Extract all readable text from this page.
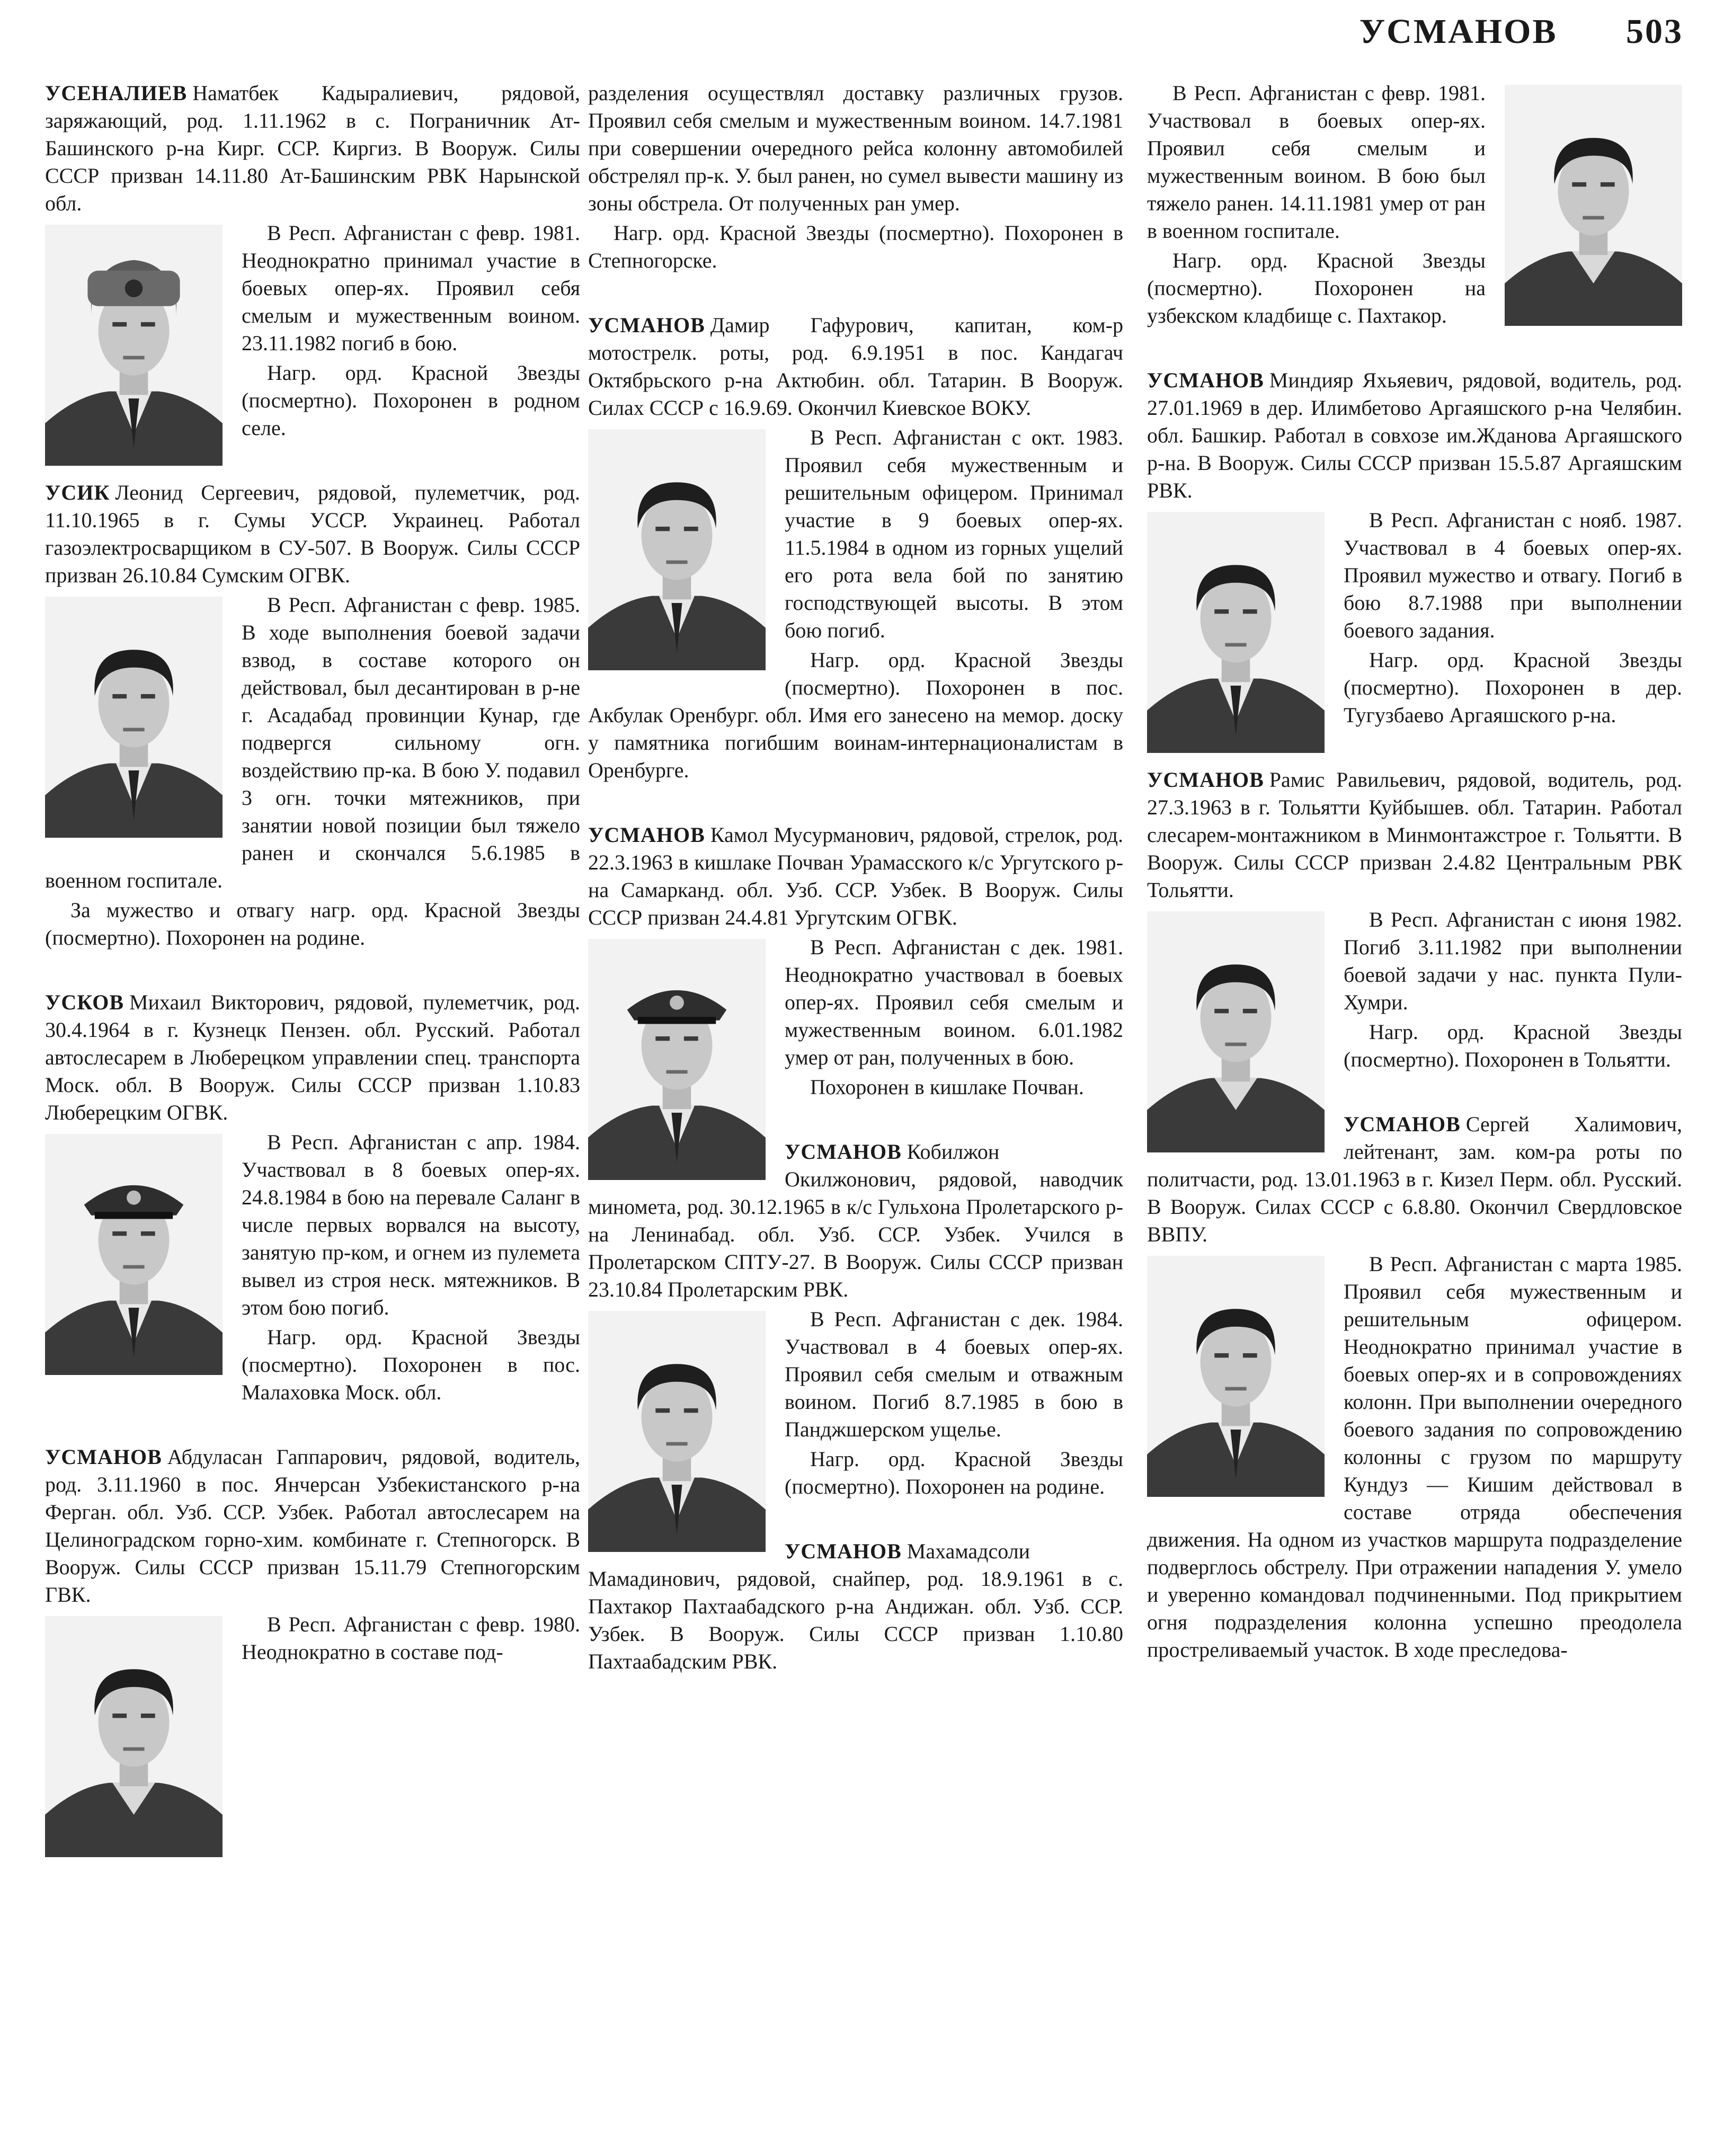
УСМАНОВ 503

УСЕНАЛИЕВ Наматбек Кадыралиевич, рядовой, заряжающий, род. 1.11.1962 в с. Пограничник Ат-Башинского р-на Кирг. ССР. Киргиз. В Вооруж. Силы СССР призван 14.11.80 Ат-Башинским РВК Нарынской обл.

В Респ. Афганистан с февр. 1981. Неоднократно принимал участие в боевых опер-ях. Проявил себя смелым и мужественным воином. 23.11.1982 погиб в бою.

Нагр. орд. Красной Звезды (посмертно). Похоронен в родном селе.

УСИК Леонид Сергеевич, рядовой, пулеметчик, род. 11.10.1965 в г. Сумы УССР. Украинец. Работал газоэлектросварщиком в СУ-507. В Вооруж. Силы СССР призван 26.10.84 Сумским ОГВК.

В Респ. Афганистан с февр. 1985. В ходе выполнения боевой задачи взвод, в составе которого он действовал, был десантирован в р-не г. Асадабад провинции Кунар, где подвергся сильному огн. воздействию пр-ка. В бою У. подавил 3 огн. точки мятежников, при занятии новой позиции был тяжело ранен и скончался 5.6.1985 в военном госпитале.

За мужество и отвагу нагр. орд. Красной Звезды (посмертно). Похоронен на родине.

УСКОВ Михаил Викторович, рядовой, пулеметчик, род. 30.4.1964 в г. Кузнецк Пензен. обл. Русский. Работал автослесарем в Люберецком управлении спец. транспорта Моск. обл. В Вооруж. Силы СССР призван 1.10.83 Люберецким ОГВК.

В Респ. Афганистан с апр. 1984. Участвовал в 8 боевых опер-ях. 24.8.1984 в бою на перевале Саланг в числе первых ворвался на высоту, занятую пр-ком, и огнем из пулемета вывел из строя неск. мятежников. В этом бою погиб.

Нагр. орд. Красной Звезды (посмертно). Похоронен в пос. Малаховка Моск. обл.

УСМАНОВ Абдуласан Гаппарович, рядовой, водитель, род. 3.11.1960 в пос. Янчерсан Узбекистанского р-на Ферган. обл. Узб. ССР. Узбек. Работал автослесарем на Целиноградском горно-хим. комбинате г. Степногорск. В Вооруж. Силы СССР призван 15.11.79 Степногорским ГВК.

В Респ. Афганистан с февр. 1980. Неоднократно в составе под-

разделения осуществлял доставку различных грузов. Проявил себя смелым и мужественным воином. 14.7.1981 при совершении очередного рейса колонну автомобилей обстрелял пр-к. У. был ранен, но сумел вывести машину из зоны обстрела. От полученных ран умер.

Нагр. орд. Красной Звезды (посмертно). Похоронен в Степногорске.

УСМАНОВ Дамир Гафурович, капитан, ком-р мотострелк. роты, род. 6.9.1951 в пос. Кандагач Октябрьского р-на Актюбин. обл. Татарин. В Вооруж. Силах СССР с 16.9.69. Окончил Киевское ВОКУ.

В Респ. Афганистан с окт. 1983. Проявил себя мужественным и решительным офицером. Принимал участие в 9 боевых опер-ях. 11.5.1984 в одном из горных ущелий его рота вела бой по занятию господствующей высоты. В этом бою погиб.

Нагр. орд. Красной Звезды (посмертно). Похоронен в пос. Акбулак Оренбург. обл. Имя его занесено на мемор. доску у памятника погибшим воинам-интернационалистам в Оренбурге.

УСМАНОВ Камол Мусурманович, рядовой, стрелок, род. 22.3.1963 в кишлаке Почван Урамасского к/с Ургутского р-на Самарканд. обл. Узб. ССР. Узбек. В Вооруж. Силы СССР призван 24.4.81 Ургутским ОГВК.

В Респ. Афганистан с дек. 1981. Неоднократно участвовал в боевых опер-ях. Проявил себя смелым и мужественным воином. 6.01.1982 умер от ран, полученных в бою.

Похоронен в кишлаке Почван.

УСМАНОВ Кобилжон Окилжонович, рядовой, наводчик миномета, род. 30.12.1965 в к/с Гульхона Пролетарского р-на Ленинабад. обл. Узб. ССР. Узбек. Учился в Пролетарском СПТУ-27. В Вооруж. Силы СССР призван 23.10.84 Пролетарским РВК.

В Респ. Афганистан с дек. 1984. Участвовал в 4 боевых опер-ях. Проявил себя смелым и отважным воином. Погиб 8.7.1985 в бою в Панджшерском ущелье.

Нагр. орд. Красной Звезды (посмертно). Похоронен на родине.

УСМАНОВ Махамадсоли Мамадинович, рядовой, снайпер, род. 18.9.1961 в с. Пахтакор Пахтаабадского р-на Андижан. обл. Узб. ССР. Узбек. В Вооруж. Силы СССР призван 1.10.80 Пахтаабадским РВК.

В Респ. Афганистан с февр. 1981. Участвовал в боевых опер-ях. Проявил себя смелым и мужественным воином. В бою был тяжело ранен. 14.11.1981 умер от ран в военном госпитале.

Нагр. орд. Красной Звезды (посмертно). Похоронен на узбекском кладбище с. Пахтакор.

УСМАНОВ Миндияр Яхьяевич, рядовой, водитель, род. 27.01.1969 в дер. Илимбетово Аргаяшского р-на Челябин. обл. Башкир. Работал в совхозе им.Жданова Аргаяшского р-на. В Вооруж. Силы СССР призван 15.5.87 Аргаяшским РВК.

В Респ. Афганистан с нояб. 1987. Участвовал в 4 боевых опер-ях. Проявил мужество и отвагу. Погиб в бою 8.7.1988 при выполнении боевого задания.

Нагр. орд. Красной Звезды (посмертно). Похоронен в дер. Тугузбаево Аргаяшского р-на.

УСМАНОВ Рамис Равильевич, рядовой, водитель, род. 27.3.1963 в г. Тольятти Куйбышев. обл. Татарин. Работал слесарем-монтажником в Минмонтажстрое г. Тольятти. В Вооруж. Силы СССР призван 2.4.82 Центральным РВК Тольятти.

В Респ. Афганистан с июня 1982. Погиб 3.11.1982 при выполнении боевой задачи у нас. пункта Пули-Хумри.

Нагр. орд. Красной Звезды (посмертно). Похоронен в Тольятти.

УСМАНОВ Сергей Халимович, лейтенант, зам. ком-ра роты по политчасти, род. 13.01.1963 в г. Кизел Перм. обл. Русский. В Вооруж. Силах СССР с 6.8.80. Окончил Свердловское ВВПУ.

В Респ. Афганистан с марта 1985. Проявил себя мужественным и решительным офицером. Неоднократно принимал участие в боевых опер-ях и в сопровождениях колонн. При выполнении очередного боевого задания по сопровождению колонны с грузом по маршруту Кундуз — Кишим действовал в составе отряда обеспечения движения. На одном из участков маршрута подразделение подверглось обстрелу. При отражении нападения У. умело и уверенно командовал подчиненными. Под прикрытием огня подразделения колонна успешно преодолела простреливаемый участок. В ходе преследова-
